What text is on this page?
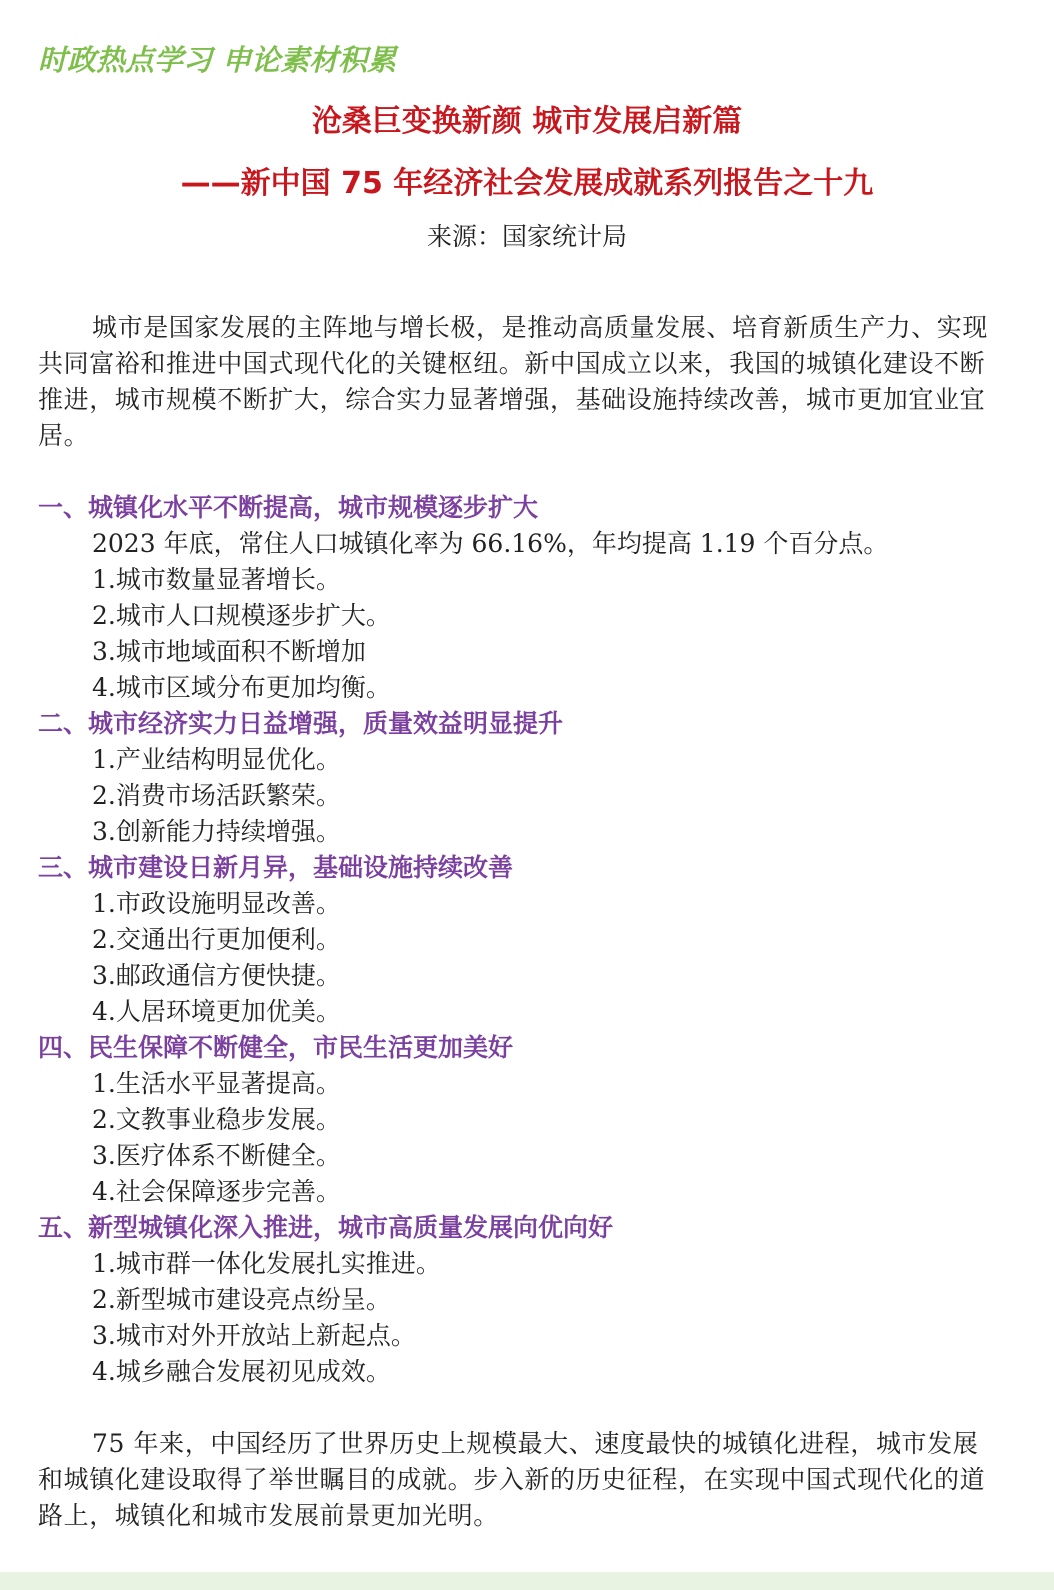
时政热点学习 申论素材积累
沧桑巨变换新颜 城市发展启新篇
——新中国 75 年经济社会发展成就系列报告之十九
来源：国家统计局

城市是国家发展的主阵地与增长极，是推动高质量发展、培育新质生产力、实现共同富裕和推进中国式现代化的关键枢纽。新中国成立以来，我国的城镇化建设不断推进，城市规模不断扩大，综合实力显著增强，基础设施持续改善，城市更加宜业宜居。

一、城镇化水平不断提高，城市规模逐步扩大

2023 年底，常住人口城镇化率为 66.16%，年均提高 1.19 个百分点。

1.城市数量显著增长。

2.城市人口规模逐步扩大。

3.城市地域面积不断增加

4.城市区域分布更加均衡。

二、城市经济实力日益增强，质量效益明显提升

1.产业结构明显优化。

2.消费市场活跃繁荣。

3.创新能力持续增强。

三、城市建设日新月异，基础设施持续改善

1.市政设施明显改善。

2.交通出行更加便利。

3.邮政通信方便快捷。

4.人居环境更加优美。

四、民生保障不断健全，市民生活更加美好

1.生活水平显著提高。

2.文教事业稳步发展。

3.医疗体系不断健全。

4.社会保障逐步完善。

五、新型城镇化深入推进，城市高质量发展向优向好

1.城市群一体化发展扎实推进。

2.新型城市建设亮点纷呈。

3.城市对外开放站上新起点。

4.城乡融合发展初见成效。

75 年来，中国经历了世界历史上规模最大、速度最快的城镇化进程，城市发展和城镇化建设取得了举世瞩目的成就。步入新的历史征程，在实现中国式现代化的道路上，城镇化和城市发展前景更加光明。
